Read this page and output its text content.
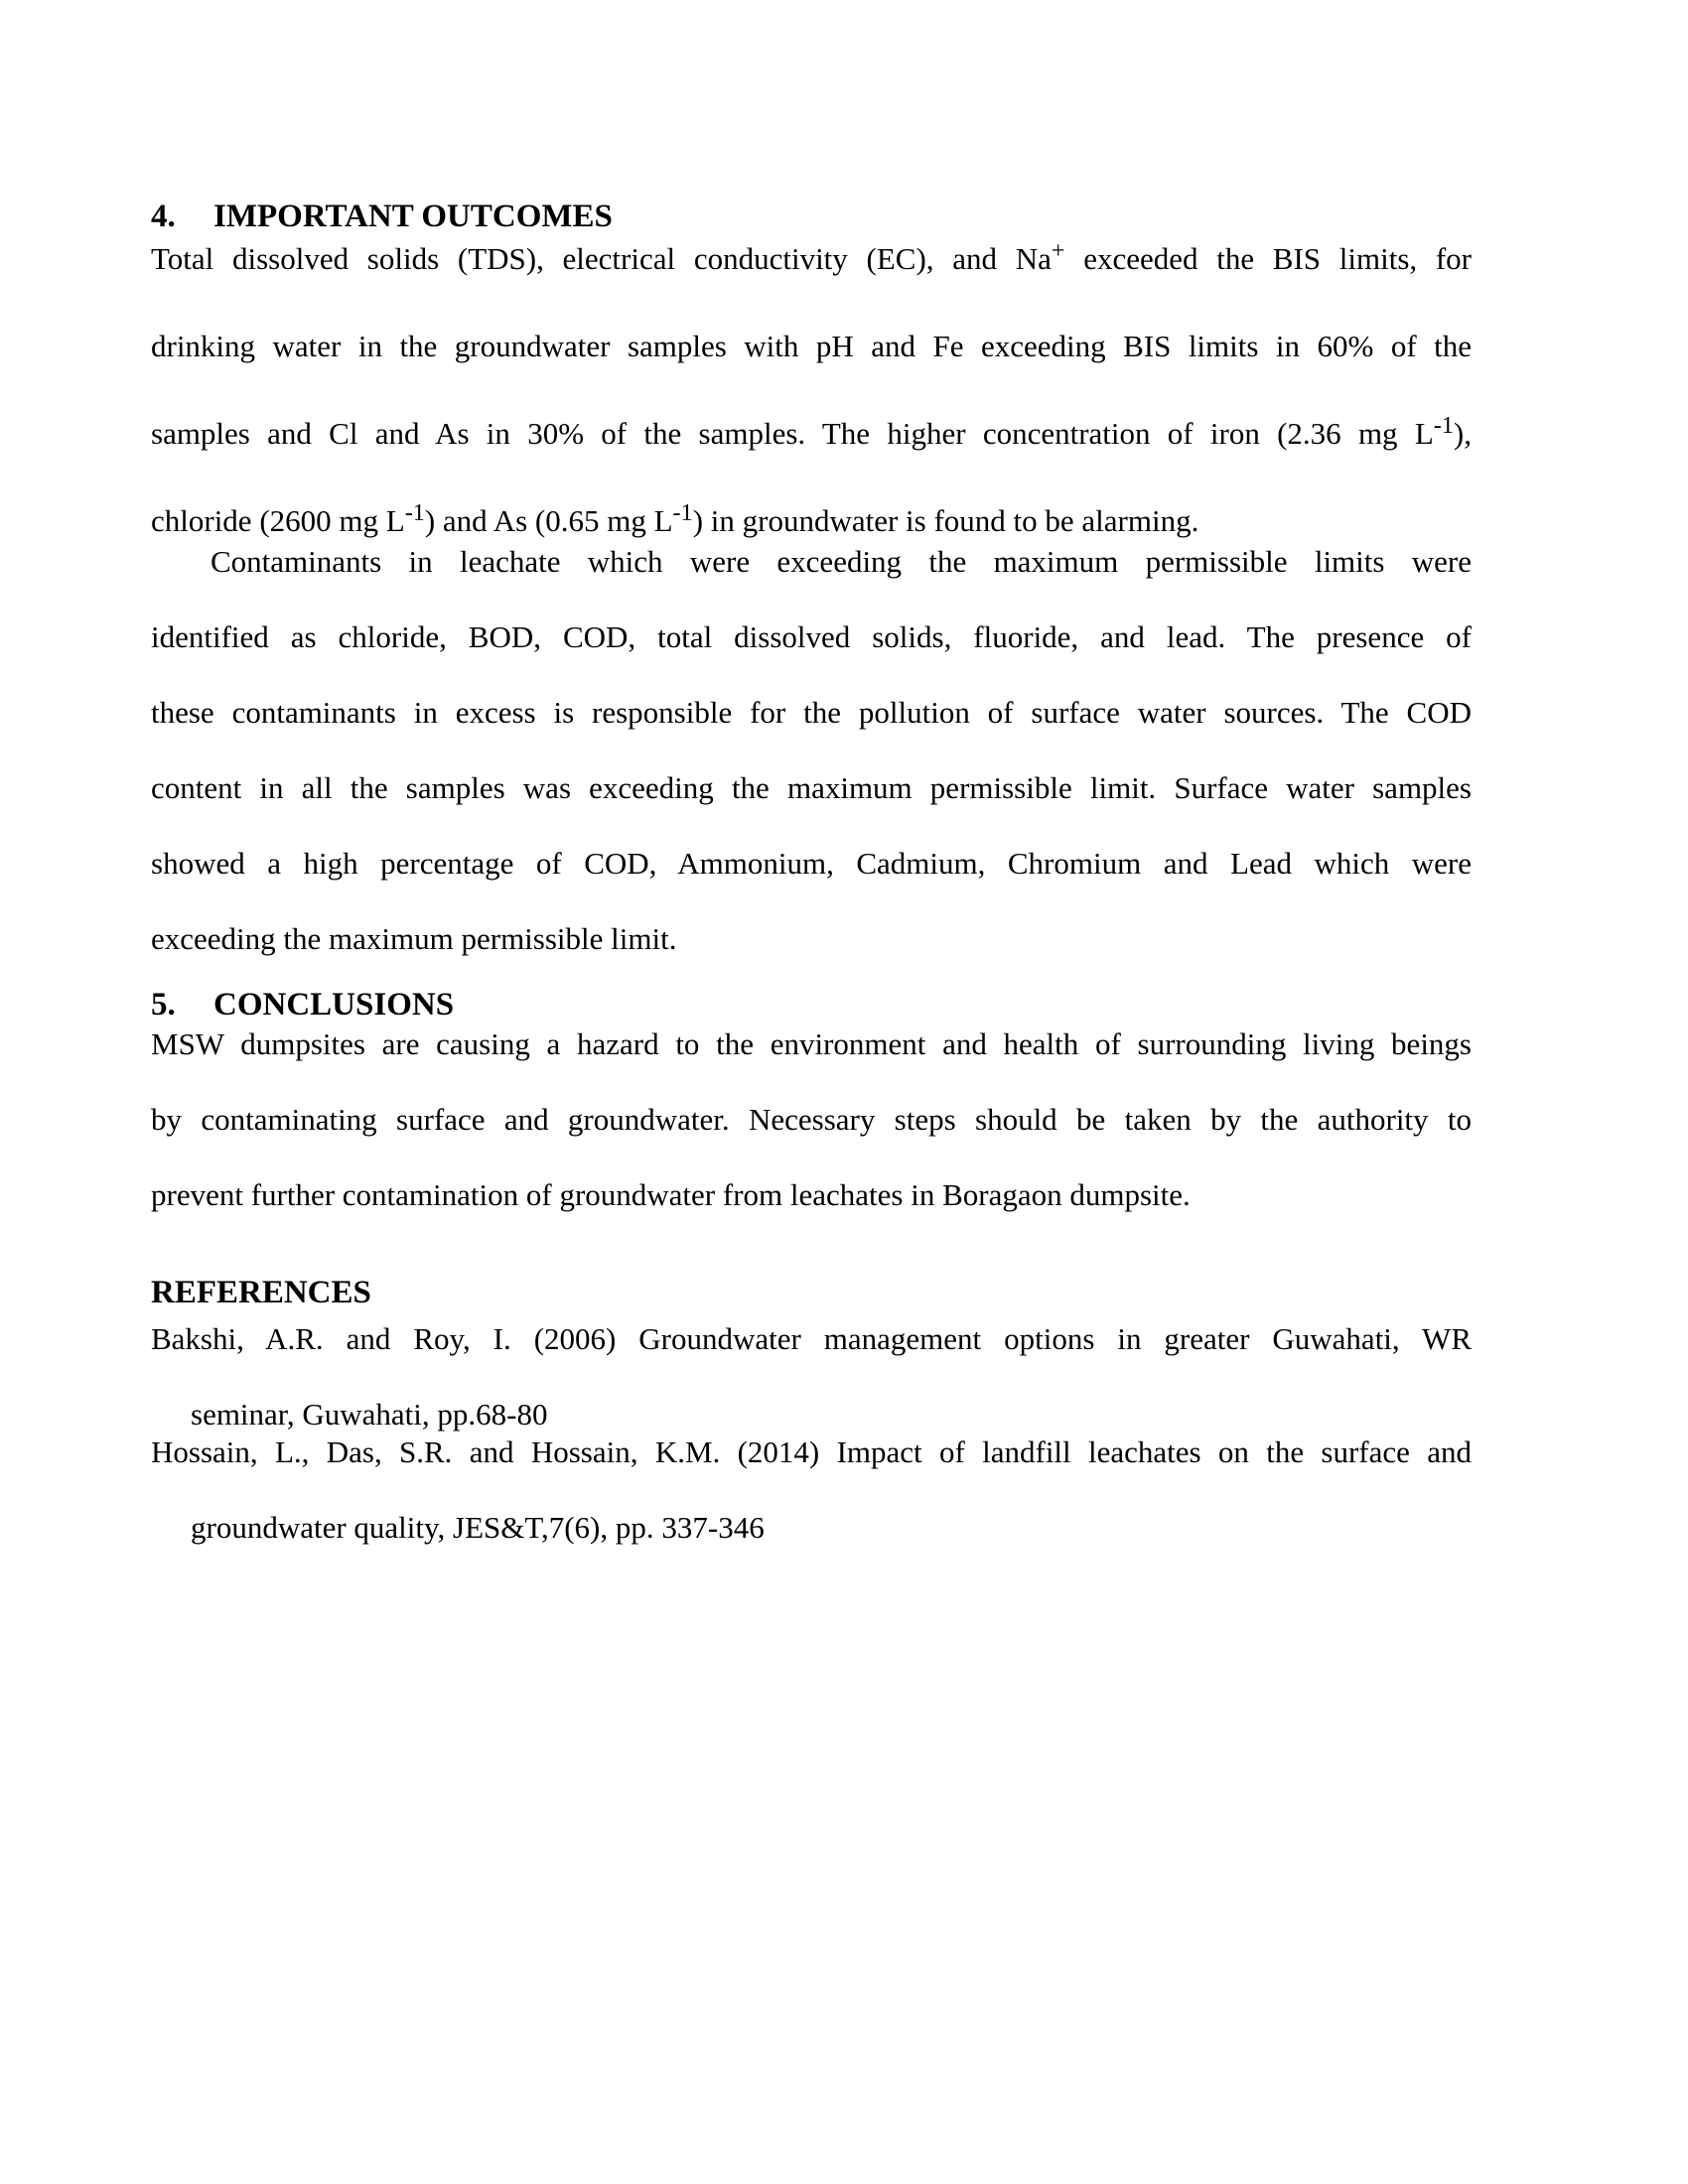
4. IMPORTANT OUTCOMES
Total dissolved solids (TDS), electrical conductivity (EC), and Na+ exceeded the BIS limits, for
drinking water in the groundwater samples with pH and Fe exceeding BIS limits in 60% of the
samples and Cl and As in 30% of the samples. The higher concentration of iron (2.36 mg $L^{-1}$),
chloride (2600 mg $L^{-1}$) and As (0.65 mg $L^{-1}$) in groundwater is found to be alarming.
Contaminants in leachate which were exceeding the maximum permissible limits were
identified as chloride, BOD, COD, total dissolved solids, fluoride, and lead. The presence of
these contaminants in excess is responsible for the pollution of surface water sources. The COD
content in all the samples was exceeding the maximum permissible limit. Surface water samples
showed a high percentage of COD, Ammonium, Cadmium, Chromium and Lead which were
exceeding the maximum permissible limit.
5. CONCLUSIONS
MSW dumpsites are causing a hazard to the environment and health of surrounding living beings
by contaminating surface and groundwater. Necessary steps should be taken by the authority to
prevent further contamination of groundwater from leachates in Boragaon dumpsite.
REFERENCES
Bakshi, A.R. and Roy, I. (2006) Groundwater management options in greater Guwahati, WR
seminar, Guwahati, pp.68-80
Hossain, L., Das, S.R. and Hossain, K.M. (2014) Impact of landfill leachates on the surface and
groundwater quality, JES&T,7(6), pp. 337-346
